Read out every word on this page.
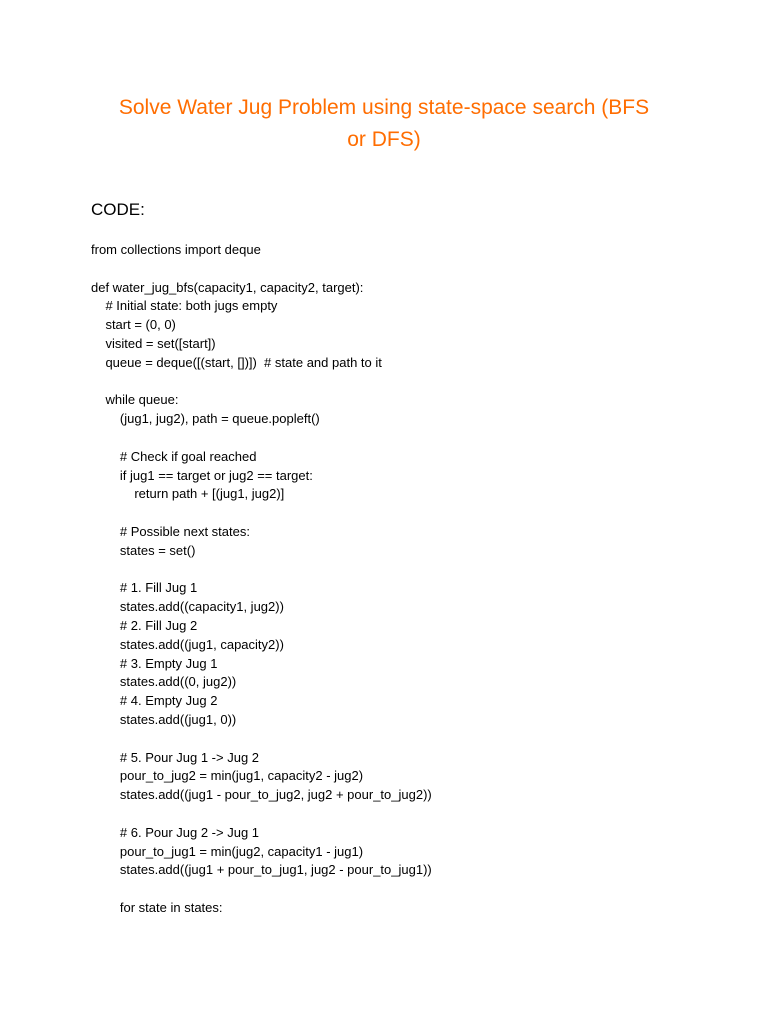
Solve Water Jug Problem using state-space search (BFS
or DFS)
CODE:
from collections import deque
def water_jug_bfs(capacity1, capacity2, target):
# Initial state: both jugs empty
start = (0, 0)
visited = set([start])
queue = deque([(start, [])])  # state and path to it
while queue:
(jug1, jug2), path = queue.popleft()
# Check if goal reached
if jug1 == target or jug2 == target:
return path + [(jug1, jug2)]
# Possible next states:
states = set()
# 1. Fill Jug 1
states.add((capacity1, jug2))
# 2. Fill Jug 2
states.add((jug1, capacity2))
# 3. Empty Jug 1
states.add((0, jug2))
# 4. Empty Jug 2
states.add((jug1, 0))
# 5. Pour Jug 1 -> Jug 2
pour_to_jug2 = min(jug1, capacity2 - jug2)
states.add((jug1 - pour_to_jug2, jug2 + pour_to_jug2))
# 6. Pour Jug 2 -> Jug 1
pour_to_jug1 = min(jug2, capacity1 - jug1)
states.add((jug1 + pour_to_jug1, jug2 - pour_to_jug1))
for state in states:
